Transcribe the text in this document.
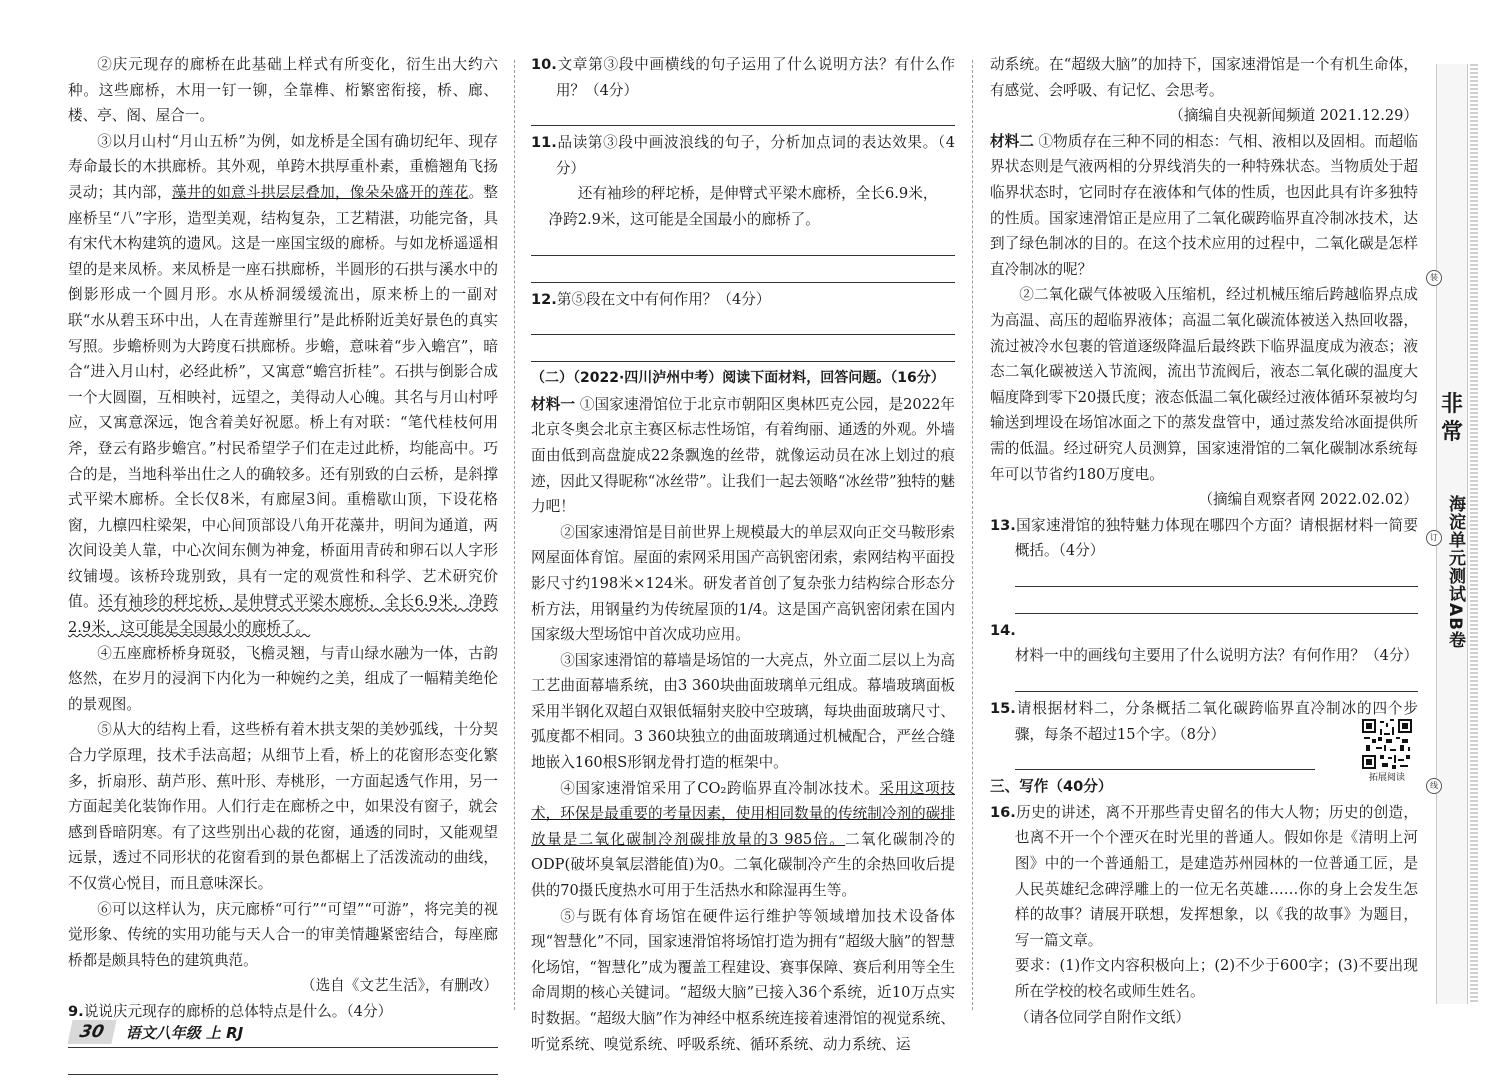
②庆元现存的廊桥在此基础上样式有所变化，衍生出大约六种。这些廊桥，木用一钉一铆，全靠榫、桁繁密衔接，桥、廊、楼、亭、阁、屋合一。

③以月山村“月山五桥”为例，如龙桥是全国有确切纪年、现存寿命最长的木拱廊桥。其外观，单跨木拱厚重朴素，重檐翘角飞扬灵动；其内部，藻井的如意斗拱层层叠加，像朵朵盛开的莲花。整座桥呈“八”字形，造型美观，结构复杂，工艺精湛，功能完备，具有宋代木构建筑的遗风。这是一座国宝级的廊桥。与如龙桥遥遥相望的是来凤桥。来凤桥是一座石拱廊桥，半圆形的石拱与溪水中的倒影形成一个圆月形。水从桥洞缓缓流出，原来桥上的一副对联“水从碧玉环中出，人在青莲辦里行”是此桥附近美好景色的真实写照。步蟾桥则为大跨度石拱廊桥。步蟾，意味着“步入蟾宫”，暗合“进入月山村，必经此桥”，又寓意“蟾宫折桂”。石拱与倒影合成一个大圆圈，互相映衬，远望之，美得动人心魄。其名与月山村呼应，又寓意深远，饱含着美好祝愿。桥上有对联：“笔代桂枝何用斧，登云有路步蟾宫。”村民希望学子们在走过此桥，均能高中。巧合的是，当地科举出仕之人的确较多。还有别致的白云桥，是斜撑式平梁木廊桥。全长仅8米，有廊屋3间。重檐歇山顶，下设花格窗，九檩四柱梁架，中心间顶部设八角开花藻井，明间为通道，两次间设美人靠，中心次间东侧为神龛，桥面用青砖和卵石以人字形纹铺墁。该桥玲珑别致，具有一定的观赏性和科学、艺术研究价值。还有袖珍的秤坨桥，是伸臂式平梁木廊桥，全长6.9米，净跨2.9米，这可能是全国最小的廊桥了。

④五座廊桥桥身斑驳，飞檐灵翘，与青山绿水融为一体，古韵悠然，在岁月的浸润下内化为一种婉约之美，组成了一幅精美绝伦的景观图。

⑤从大的结构上看，这些桥有着木拱支架的美妙弧线，十分契合力学原理，技术手法高超；从细节上看，桥上的花窗形态变化繁多，折扇形、葫芦形、蕉叶形、寿桃形，一方面起透气作用，另一方面起美化装饰作用。人们行走在廊桥之中，如果没有窗子，就会感到昏暗阴寒。有了这些别出心裁的花窗，通透的同时，又能观望远景，透过不同形状的花窗看到的景色都椐上了活泼流动的曲线，不仅赏心悦目，而且意味深长。

⑥可以这样认为，庆元廊桥“可行”“可望”“可游”，将完美的视觉形象、传统的实用功能与天人合一的审美情趣紧密结合，每座廊桥都是颇具特色的建筑典范。

（选自《文艺生活》，有删改）

9.说说庆元现存的廊桥的总体特点是什么。（4分）

10.文章第③段中画横线的句子运用了什么说明方法？有什么作用？（4分）

11.品读第③段中画波浪线的句子，分析加点词的表达效果。（4分）

还有袖珍的秤坨桥，是伸臂式平梁木廊桥，全长6.9米，净跨2.9米，这可能是全国最小的廊桥了。

12.第⑤段在文中有何作用？（4分）

（二）（2022·四川泸州中考）阅读下面材料，回答问题。（16分）

材料一 ①国家速滑馆位于北京市朝阳区奥林匹克公园，是2022年北京冬奥会北京主赛区标志性场馆，有着绚丽、通透的外观。外墙面由低到高盘旋成22条飘逸的丝带，就像运动员在冰上划过的痕迹，因此又得昵称“冰丝带”。让我们一起去领略“冰丝带”独特的魅力吧！

②国家速滑馆是目前世界上规模最大的单层双向正交马鞍形索网屋面体育馆。屋面的索网采用国产高钒密闭索，索网结构平面投影尺寸约198米×124米。研发者首创了复杂张力结构综合形态分析方法，用钢量约为传统屋顶的1/4。这是国产高钒密闭索在国内国家级大型场馆中首次成功应用。

③国家速滑馆的幕墙是场馆的一大亮点，外立面二层以上为高工艺曲面幕墙系统，由3 360块曲面玻璃单元组成。幕墙玻璃面板采用半钢化双超白双银低辐射夹胶中空玻璃，每块曲面玻璃尺寸、弧度都不相同。3 360块独立的曲面玻璃通过机械配合，严丝合缝地嵌入160根S形钢龙骨打造的框架中。

④国家速滑馆采用了CO₂跨临界直冷制冰技术。采用这项技术，环保是最重要的考量因素，使用相同数量的传统制冷剂的碳排放量是二氧化碳制冷剂碳排放量的3 985倍。二氧化碳制冷的ODP(破坏臭氧层潜能值)为0。二氧化碳制冷产生的余热回收后提供的70摄氏度热水可用于生活热水和除湿再生等。

⑤与既有体育场馆在硬件运行维护等领域增加技术设备体现“智慧化”不同，国家速滑馆将场馆打造为拥有“超级大脑”的智慧化场馆，“智慧化”成为覆盖工程建设、赛事保障、赛后利用等全生命周期的核心关键词。“超级大脑”已接入36个系统，近10万点实时数据。“超级大脑”作为神经中枢系统连接着速滑馆的视觉系统、听觉系统、嗅觉系统、呼吸系统、循环系统、动力系统、运

动系统。在“超级大脑”的加持下，国家速滑馆是一个有机生命体，有感觉、会呼吸、有记忆、会思考。

（摘编自央视新闻频道 2021.12.29）

材料二 ①物质存在三种不同的相态：气相、液相以及固相。而超临界状态则是气液两相的分界线消失的一种特殊状态。当物质处于超临界状态时，它同时存在液体和气体的性质，也因此具有许多独特的性质。国家速滑馆正是应用了二氧化碳跨临界直冷制冰技术，达到了绿色制冰的目的。在这个技术应用的过程中，二氧化碳是怎样直冷制冰的呢？

②二氧化碳气体被吸入压缩机，经过机械压缩后跨越临界点成为高温、高压的超临界液体；高温二氧化碳流体被送入热回收器，流过被冷水包裹的管道逐级降温后最终跌下临界温度成为液态；液态二氧化碳被送入节流阀，流出节流阀后，液态二氧化碳的温度大幅度降到零下20摄氏度；液态低温二氧化碳经过液体循环泵被均匀输送到埋设在场馆冰面之下的蒸发盘管中，通过蒸发给冰面提供所需的低温。经过研究人员测算，国家速滑馆的二氧化碳制冰系统每年可以节省约180万度电。

（摘编自观察者网 2022.02.02）

13.国家速滑馆的独特魅力体现在哪四个方面？请根据材料一简要概括。（4分）

14.材料一中的画线句主要用了什么说明方法？有何作用？（4分）

15.请根据材料二，分条概括二氧化碳跨临界直冷制冰的四个步骤，每条不超过15个字。（8分）

三、写作（40分）

16.历史的讲述，离不开那些青史留名的伟大人物；历史的创造，也离不开一个个湮灭在时光里的普通人。假如你是《清明上河图》中的一个普通船工，是建造苏州园林的一位普通工匠，是人民英雄纪念碑浮雕上的一位无名英雄……你的身上会发生怎样的故事？请展开联想，发挥想象，以《我的故事》为题目，写一篇文章。

要求：(1)作文内容积极向上；(2)不少于600字；(3)不要出现所在学校的校名或师生姓名。

（请各位同学自附作文纸）

拓展阅读
非常
海淀单元测试AB卷
装
订
线
30	语文八年级 上 RJ
